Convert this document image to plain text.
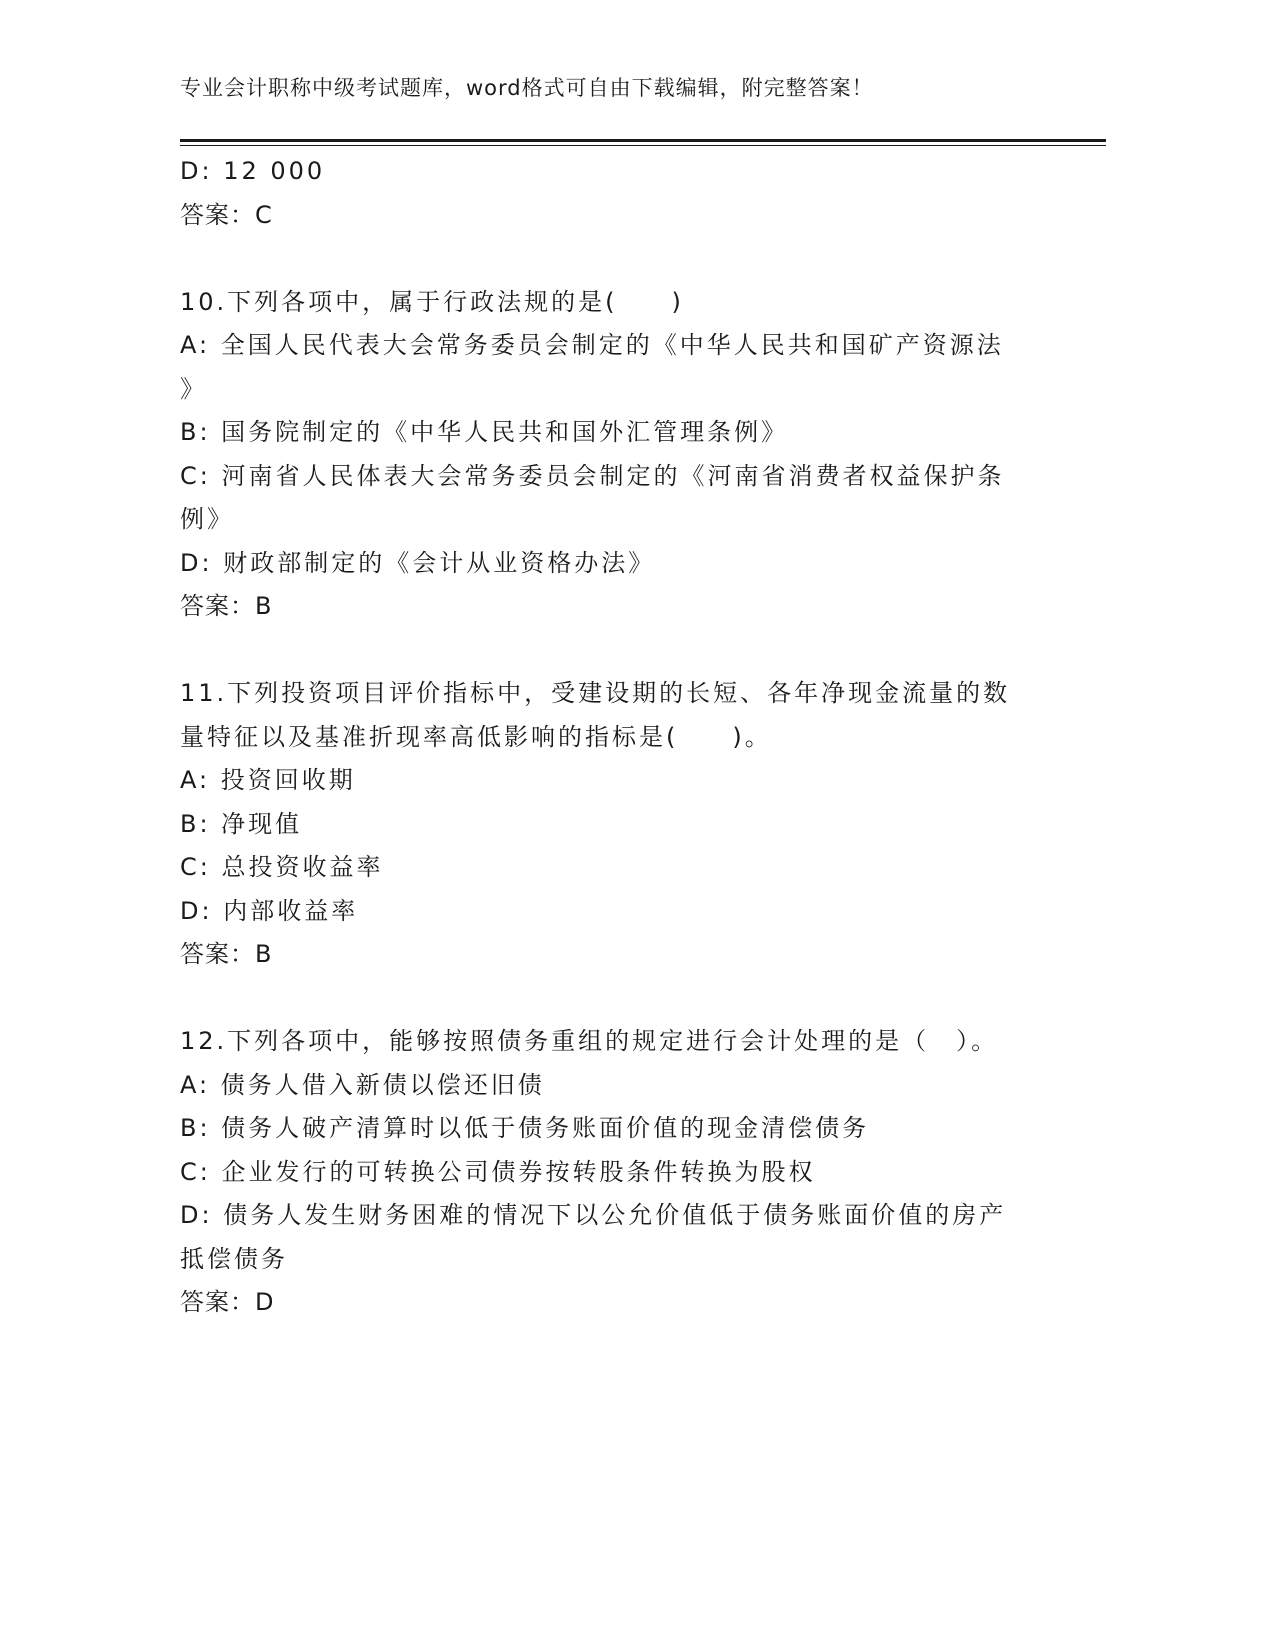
专业会计职称中级考试题库，word格式可自由下载编辑，附完整答案！
D: 12 000
答案：C
10.下列各项中，属于行政法规的是(　　)
A: 全国人民代表大会常务委员会制定的《中华人民共和国矿产资源法
》
B: 国务院制定的《中华人民共和国外汇管理条例》
C: 河南省人民体表大会常务委员会制定的《河南省消费者权益保护条
例》
D: 财政部制定的《会计从业资格办法》
答案：B
11.下列投资项目评价指标中，受建设期的长短、各年净现金流量的数
量特征以及基准折现率高低影响的指标是(　　)。
A: 投资回收期
B: 净现值
C: 总投资收益率
D: 内部收益率
答案：B
12.下列各项中，能够按照债务重组的规定进行会计处理的是（　）。
A: 债务人借入新债以偿还旧债
B: 债务人破产清算时以低于债务账面价值的现金清偿债务
C: 企业发行的可转换公司债券按转股条件转换为股权
D: 债务人发生财务困难的情况下以公允价值低于债务账面价值的房产
抵偿债务
答案：D
